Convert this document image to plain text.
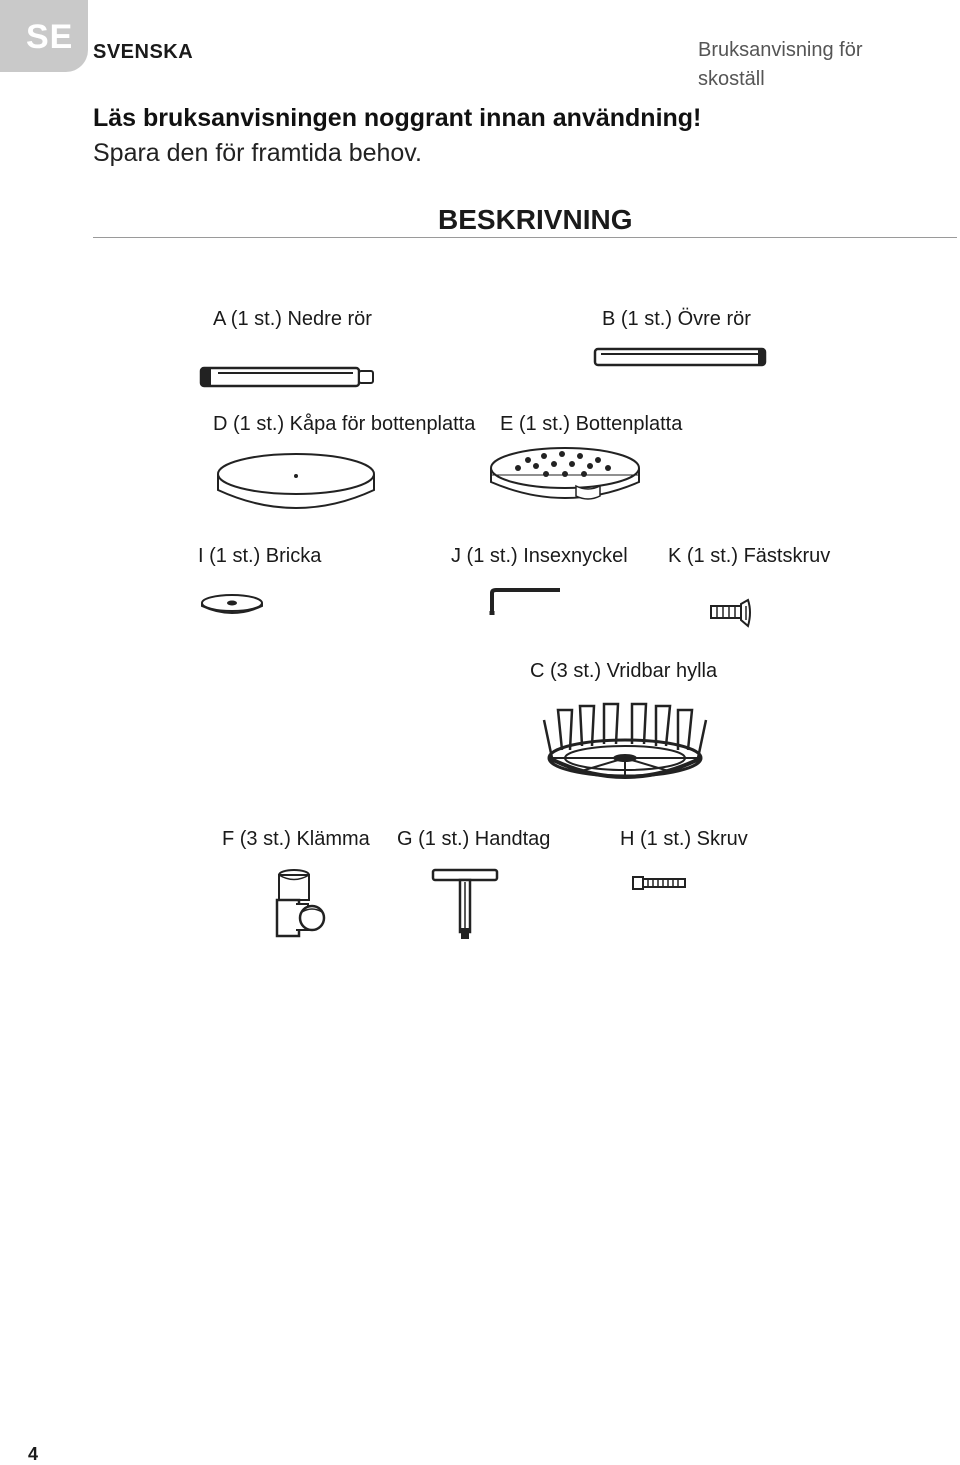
SE SVENSKA	Bruksanvisning för skoställ
Läs bruksanvisningen noggrant innan användning!
Spara den för framtida behov.
BESKRIVNING
A (1 st.) Nedre rör	B (1 st.) Övre rör
D (1 st.) Kåpa för bottenplatta E (1 st.) Bottenplatta
I (1 st.) Bricka	J (1 st.) Insexnyckel K (1 st.) Fästskruv
C (3 st.) Vridbar hylla
F (3 st.) Klämma G (1 st.) Handtag	H (1 st.) Skruv
4
